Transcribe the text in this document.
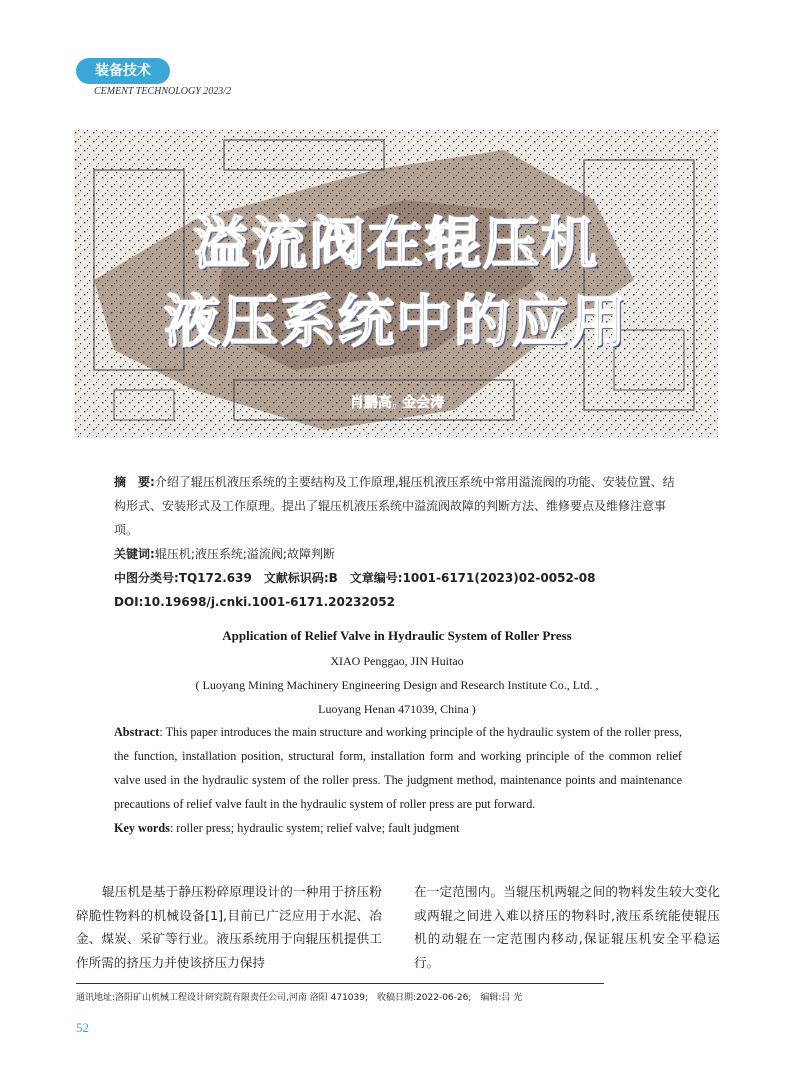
装备技术
CEMENT TECHNOLOGY 2023/2
溢流阀在辊压机
液压系统中的应用
肖鹏高, 金会涛

摘　要:介绍了辊压机液压系统的主要结构及工作原理,辊压机液压系统中常用溢流阀的功能、安装位置、结构形式、安装形式及工作原理。提出了辊压机液压系统中溢流阀故障的判断方法、维修要点及维修注意事项。

关键词:辊压机;液压系统;溢流阀;故障判断

中图分类号:TQ172.639　文献标识码:B　文章编号:1001-6171(2023)02-0052-08

DOI:10.19698/j.cnki.1001-6171.20232052

Application of Relief Valve in Hydraulic System of Roller Press
XIAO Penggao, JIN Huitao
( Luoyang Mining Machinery Engineering Design and Research Institute Co., Ltd. ,
Luoyang Henan 471039, China )

Abstract: This paper introduces the main structure and working principle of the hydraulic system of the roller press, the function, installation position, structural form, installation form and working principle of the common relief valve used in the hydraulic system of the roller press. The judgment method, maintenance points and maintenance precautions of relief valve fault in the hydraulic system of roller press are put forward.

Key words: roller press; hydraulic system; relief valve; fault judgment

辊压机是基于静压粉碎原理设计的一种用于挤压粉碎脆性物料的机械设备[1],目前已广泛应用于水泥、冶金、煤炭、采矿等行业。液压系统用于向辊压机提供工作所需的挤压力并使该挤压力保持
在一定范围内。当辊压机两辊之间的物料发生较大变化或两辊之间进入难以挤压的物料时,液压系统能使辊压机的动辊在一定范围内移动,保证辊压机安全平稳运行。
通讯地址:洛阳矿山机械工程设计研究院有限责任公司,河南 洛阳 471039;　收稿日期:2022-06-26;　编辑:吕 光
52
